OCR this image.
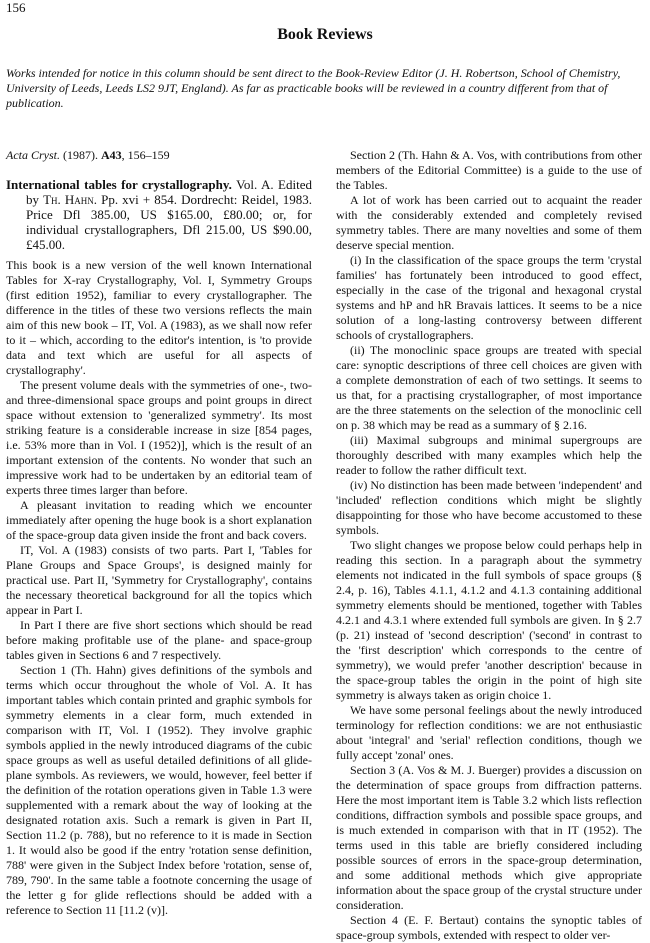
156
Book Reviews
Works intended for notice in this column should be sent direct to the Book-Review Editor (J. H. Robertson, School of Chemistry, University of Leeds, Leeds LS2 9JT, England). As far as practicable books will be reviewed in a country different from that of publication.

Acta Cryst. (1987). A43, 156–159

International tables for crystallography. Vol. A. Edited by Th. Hahn. Pp. xvi + 854. Dordrecht: Reidel, 1983. Price Dfl 385.00, US $165.00, £80.00; or, for individual crystallographers, Dfl 215.00, US $90.00, £45.00.

This book is a new version of the well known International Tables for X-ray Crystallography, Vol. I, Symmetry Groups (first edition 1952), familiar to every crystallographer. The difference in the titles of these two versions reflects the main aim of this new book – IT, Vol. A (1983), as we shall now refer to it – which, according to the editor's intention, is 'to provide data and text which are useful for all aspects of crystallography'.

The present volume deals with the symmetries of one-, two- and three-dimensional space groups and point groups in direct space without extension to 'generalized symmetry'. Its most striking feature is a considerable increase in size [854 pages, i.e. 53% more than in Vol. I (1952)], which is the result of an important extension of the contents. No wonder that such an impressive work had to be undertaken by an editorial team of experts three times larger than before.

A pleasant invitation to reading which we encounter immediately after opening the huge book is a short explanation of the space-group data given inside the front and back covers.

IT, Vol. A (1983) consists of two parts. Part I, 'Tables for Plane Groups and Space Groups', is designed mainly for practical use. Part II, 'Symmetry for Crystallography', contains the necessary theoretical background for all the topics which appear in Part I.

In Part I there are five short sections which should be read before making profitable use of the plane- and space-group tables given in Sections 6 and 7 respectively.

Section 1 (Th. Hahn) gives definitions of the symbols and terms which occur throughout the whole of Vol. A. It has important tables which contain printed and graphic symbols for symmetry elements in a clear form, much extended in comparison with IT, Vol. I (1952). They involve graphic symbols applied in the newly introduced diagrams of the cubic space groups as well as useful detailed definitions of all glide-plane symbols. As reviewers, we would, however, feel better if the definition of the rotation operations given in Table 1.3 were supplemented with a remark about the way of looking at the designated rotation axis. Such a remark is given in Part II, Section 11.2 (p. 788), but no reference to it is made in Section 1. It would also be good if the entry 'rotation sense definition, 788' were given in the Subject Index before 'rotation, sense of, 789, 790'. In the same table a footnote concerning the usage of the letter g for glide reflections should be added with a reference to Section 11 [11.2 (v)].

Section 2 (Th. Hahn & A. Vos, with contributions from other members of the Editorial Committee) is a guide to the use of the Tables.

A lot of work has been carried out to acquaint the reader with the considerably extended and completely revised symmetry tables. There are many novelties and some of them deserve special mention.

(i) In the classification of the space groups the term 'crystal families' has fortunately been introduced to good effect, especially in the case of the trigonal and hexagonal crystal systems and hP and hR Bravais lattices. It seems to be a nice solution of a long-lasting controversy between different schools of crystallographers.

(ii) The monoclinic space groups are treated with special care: synoptic descriptions of three cell choices are given with a complete demonstration of each of two settings. It seems to us that, for a practising crystallographer, of most importance are the three statements on the selection of the monoclinic cell on p. 38 which may be read as a summary of § 2.16.

(iii) Maximal subgroups and minimal supergroups are thoroughly described with many examples which help the reader to follow the rather difficult text.

(iv) No distinction has been made between 'independent' and 'included' reflection conditions which might be slightly disappointing for those who have become accustomed to these symbols.

Two slight changes we propose below could perhaps help in reading this section. In a paragraph about the symmetry elements not indicated in the full symbols of space groups (§ 2.4, p. 16), Tables 4.1.1, 4.1.2 and 4.1.3 containing additional symmetry elements should be mentioned, together with Tables 4.2.1 and 4.3.1 where extended full symbols are given. In § 2.7 (p. 21) instead of 'second description' ('second' in contrast to the 'first description' which corresponds to the centre of symmetry), we would prefer 'another description' because in the space-group tables the origin in the point of high site symmetry is always taken as origin choice 1.

We have some personal feelings about the newly introduced terminology for reflection conditions: we are not enthusiastic about 'integral' and 'serial' reflection conditions, though we fully accept 'zonal' ones.

Section 3 (A. Vos & M. J. Buerger) provides a discussion on the determination of space groups from diffraction patterns. Here the most important item is Table 3.2 which lists reflection conditions, diffraction symbols and possible space groups, and is much extended in comparison with that in IT (1952). The terms used in this table are briefly considered including possible sources of errors in the space-group determination, and some additional methods which give appropriate information about the space group of the crystal structure under consideration.

Section 4 (E. F. Bertaut) contains the synoptic tables of space-group symbols, extended with respect to older ver-
